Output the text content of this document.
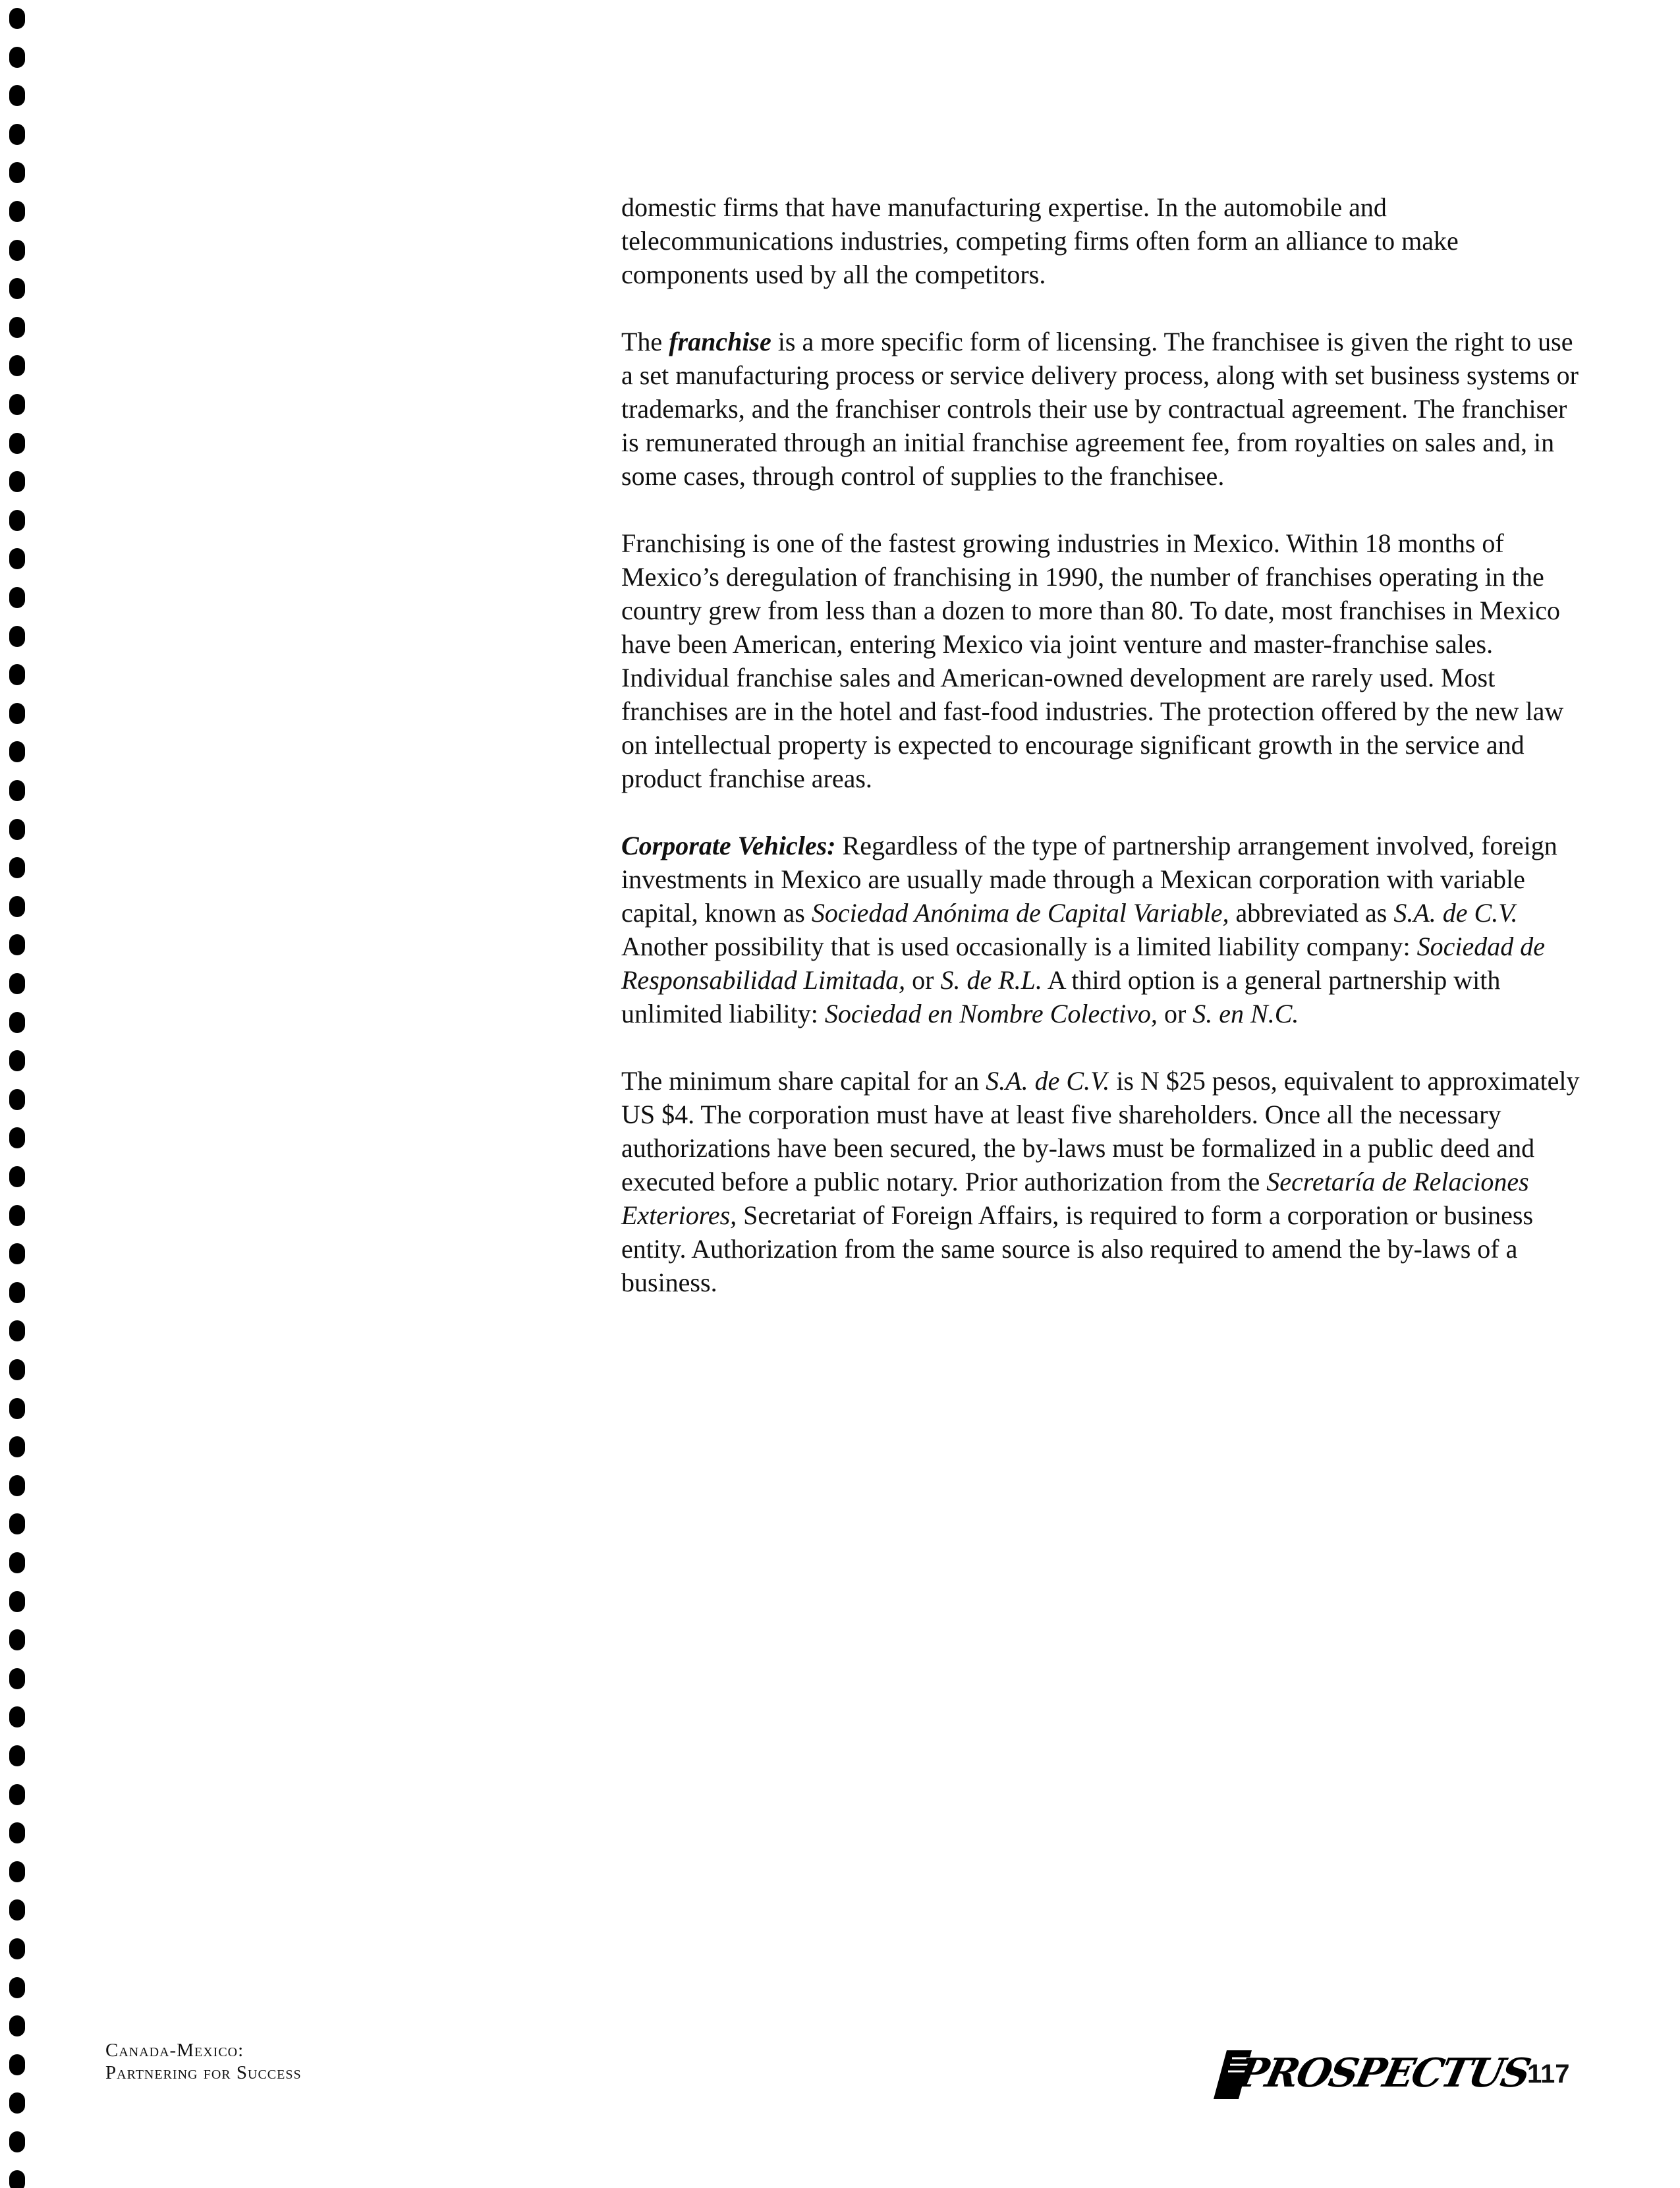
domestic firms that have manufacturing expertise. In the automobile and telecommunications industries, competing firms often form an alliance to make components used by all the competitors.

The franchise is a more specific form of licensing. The franchisee is given the right to use a set manufacturing process or service delivery process, along with set business systems or trademarks, and the franchiser controls their use by contractual agreement. The franchiser is remunerated through an initial franchise agreement fee, from royalties on sales and, in some cases, through control of supplies to the franchisee.

Franchising is one of the fastest growing industries in Mexico. Within 18 months of Mexico’s deregulation of franchising in 1990, the number of franchises operating in the country grew from less than a dozen to more than 80. To date, most franchises in Mexico have been American, entering Mexico via joint venture and master-franchise sales. Individual franchise sales and American-owned development are rarely used. Most franchises are in the hotel and fast-food industries. The protection offered by the new law on intellectual property is expected to encourage significant growth in the service and product franchise areas.

Corporate Vehicles: Regardless of the type of partnership arrangement involved, foreign investments in Mexico are usually made through a Mexican corporation with variable capital, known as Sociedad Anónima de Capital Variable, abbreviated as S.A. de C.V. Another possibility that is used occasionally is a limited liability company: Sociedad de Responsabilidad Limitada, or S. de R.L. A third option is a general partnership with unlimited liability: Sociedad en Nombre Colectivo, or S. en N.C.

The minimum share capital for an S.A. de C.V. is N $25 pesos, equivalent to approximately US $4. The corporation must have at least five shareholders. Once all the necessary authorizations have been secured, the by-laws must be formalized in a public deed and executed before a public notary. Prior authorization from the Secretaría de Relaciones Exteriores, Secretariat of Foreign Affairs, is required to form a corporation or business entity. Authorization from the same source is also required to amend the by-laws of a business.

Canada-Mexico:
Partnering for Success	PROSPECTUS
117
